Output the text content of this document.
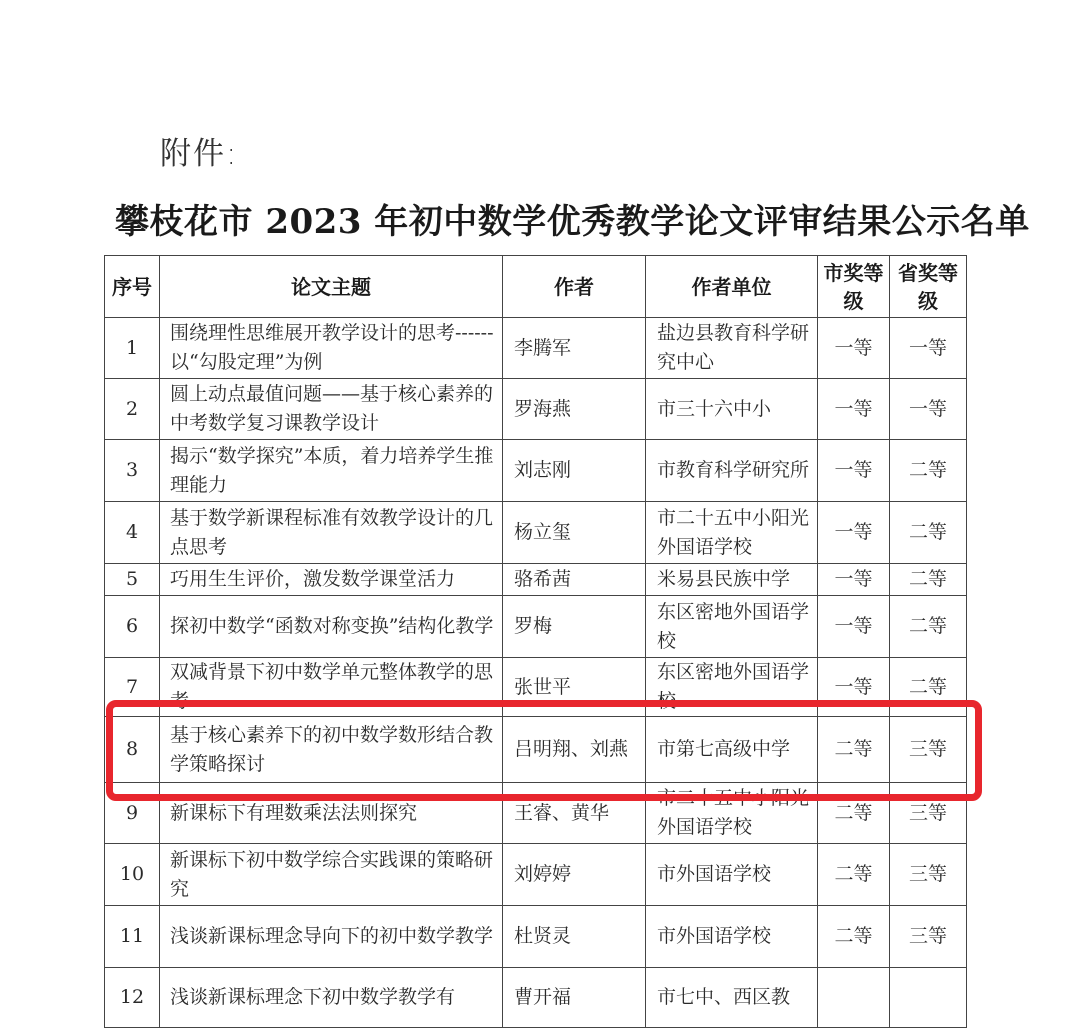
附件:
攀枝花市 2023 年初中数学优秀教学论文评审结果公示名单
序号	论文主题	作者	作者单位	市奖等级	省奖等级
1	围绕理性思维展开教学设计的思考------以“勾股定理”为例	李腾军	盐边县教育科学研究中心	一等	一等
2	圆上动点最值问题——基于核心素养的中考数学复习课教学设计	罗海燕	市三十六中小	一等	一等
3	揭示“数学探究”本质，着力培养学生推理能力	刘志刚	市教育科学研究所	一等	二等
4	基于数学新课程标准有效教学设计的几点思考	杨立玺	市二十五中小阳光外国语学校	一等	二等
5	巧用生生评价，激发数学课堂活力	骆希茜	米易县民族中学	一等	二等
6	探初中数学“函数对称变换”结构化教学	罗梅	东区密地外国语学校	一等	二等
7	双减背景下初中数学单元整体教学的思考	张世平	东区密地外国语学校	一等	二等
8	基于核心素养下的初中数学数形结合教学策略探讨	吕明翔、刘燕	市第七高级中学	二等	三等
9	新课标下有理数乘法法则探究	王睿、黄华	市二十五中小阳光外国语学校	二等	三等
10	新课标下初中数学综合实践课的策略研究	刘婷婷	市外国语学校	二等	三等
11	浅谈新课标理念导向下的初中数学教学	杜贤灵	市外国语学校	二等	三等
12	浅谈新课标理念下初中数学教学有	曹开福	市七中、西区教		
